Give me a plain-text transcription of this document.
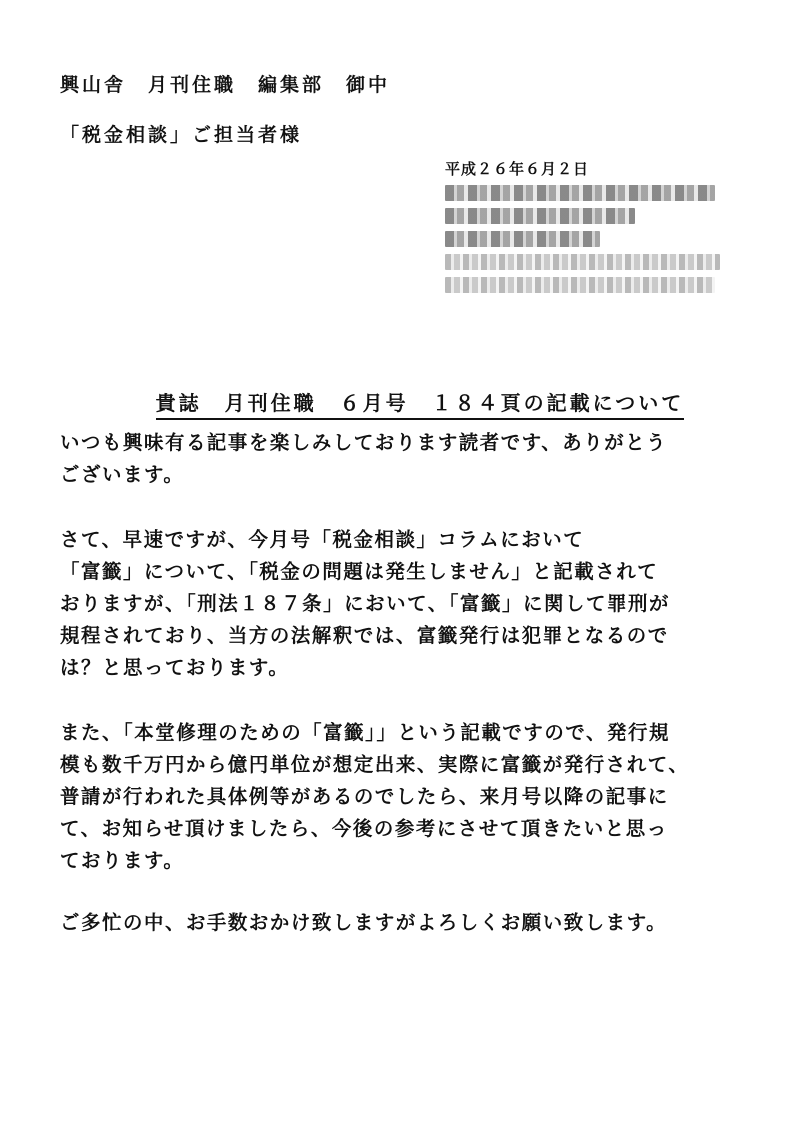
興山舎　月刊住職　編集部　御中
「税金相談」ご担当者様
平成２６年６月２日

貴誌　月刊住職　６月号　１８４頁の記載について

いつも興味有る記事を楽しみしております読者です、ありがとう
ございます。
さて、早速ですが、今月号「税金相談」コラムにおいて
「富籤」について、「税金の問題は発生しません」と記載されて
おりますが、「刑法１８７条」において、「富籤」に関して罪刑が
規程されており、当方の法解釈では、富籤発行は犯罪となるので
は？と思っております。
また、「本堂修理のための「富籤」」という記載ですので、発行規
模も数千万円から億円単位が想定出来、実際に富籤が発行されて、
普請が行われた具体例等があるのでしたら、来月号以降の記事に
て、お知らせ頂けましたら、今後の参考にさせて頂きたいと思っ
ております。
ご多忙の中、お手数おかけ致しますがよろしくお願い致します。
